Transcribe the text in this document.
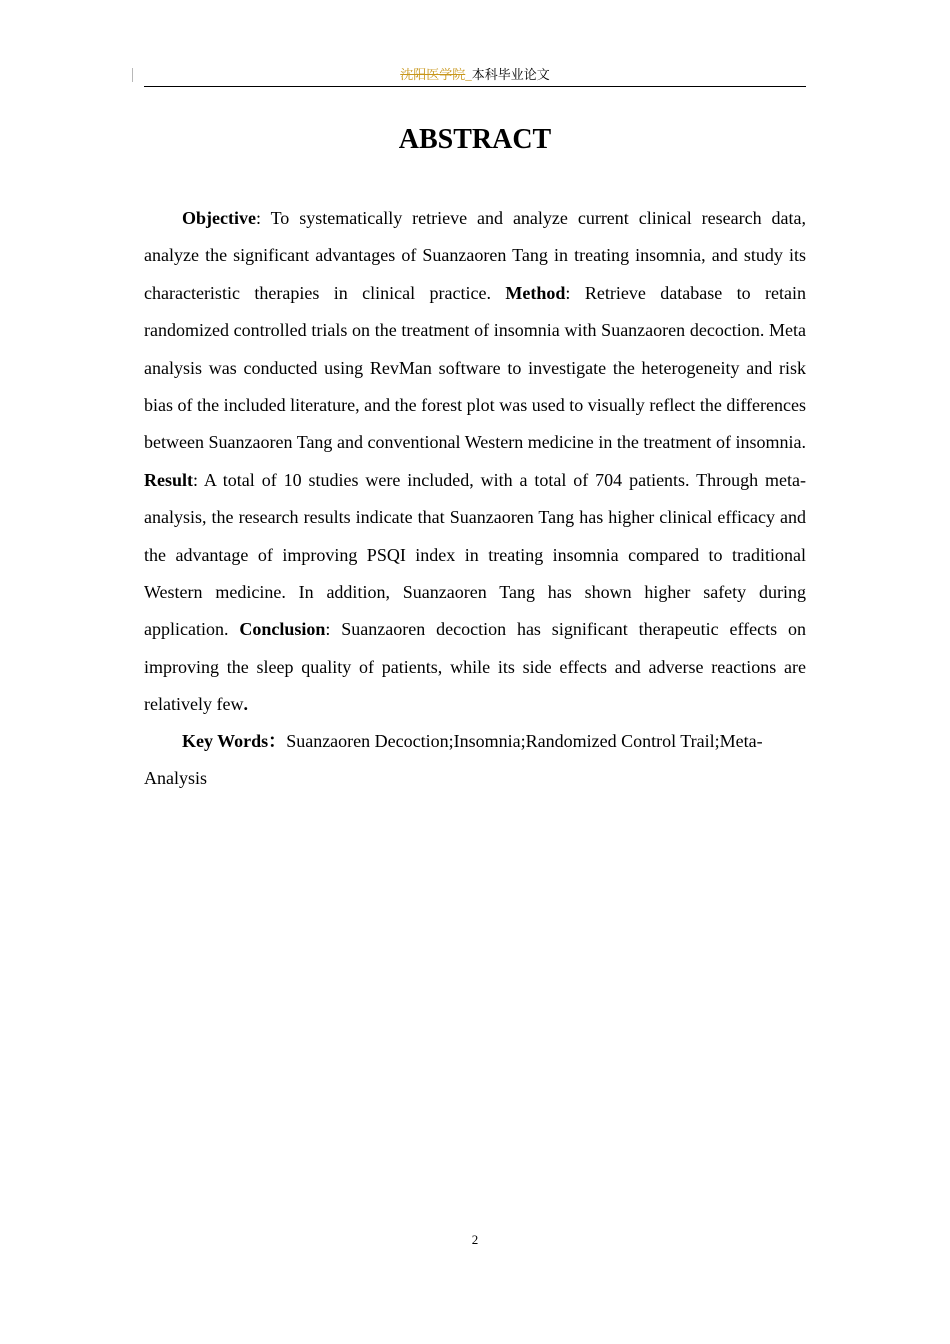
沈阳医学院_本科毕业论文
ABSTRACT

Objective: To systematically retrieve and analyze current clinical research data, analyze the significant advantages of Suanzaoren Tang in treating insomnia, and study its characteristic therapies in clinical practice. Method: Retrieve database to retain randomized controlled trials on the treatment of insomnia with Suanzaoren decoction. Meta analysis was conducted using RevMan software to investigate the heterogeneity and risk bias of the included literature, and the forest plot was used to visually reflect the differences between Suanzaoren Tang and conventional Western medicine in the treatment of insomnia. Result: A total of 10 studies were included, with a total of 704 patients. Through meta-analysis, the research results indicate that Suanzaoren Tang has higher clinical efficacy and the advantage of improving PSQI index in treating insomnia compared to traditional Western medicine. In addition, Suanzaoren Tang has shown higher safety during application. Conclusion: Suanzaoren decoction has significant therapeutic effects on improving the sleep quality of patients, while its side effects and adverse reactions are relatively few.

Key Words：Suanzaoren Decoction;Insomnia;Randomized Control Trail;Meta-Analysis

2
